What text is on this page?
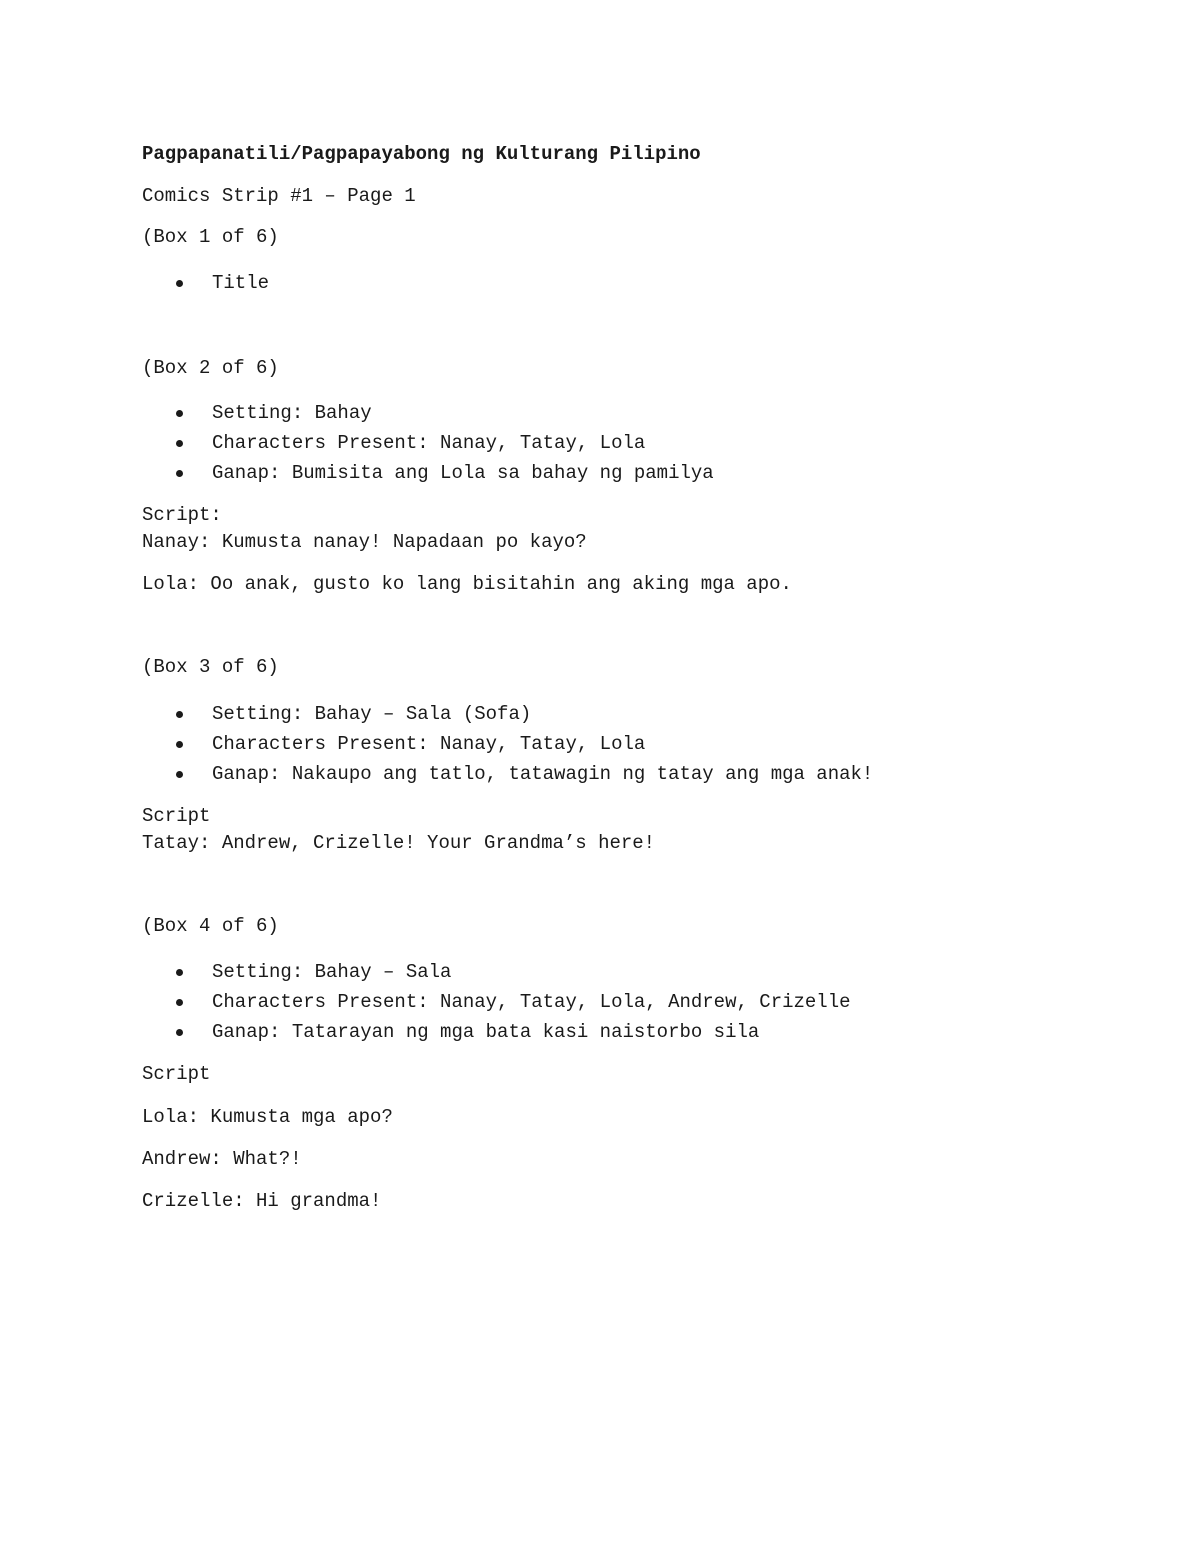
Pagpapanatili/Pagpapayabong ng Kulturang Pilipino
Comics Strip #1 – Page 1
(Box 1 of 6)
Title
(Box 2 of 6)
Setting: Bahay
Characters Present: Nanay, Tatay, Lola
Ganap: Bumisita ang Lola sa bahay ng pamilya
Script:
Nanay: Kumusta nanay! Napadaan po kayo?
Lola: Oo anak, gusto ko lang bisitahin ang aking mga apo.
(Box 3 of 6)
Setting: Bahay – Sala (Sofa)
Characters Present: Nanay, Tatay, Lola
Ganap: Nakaupo ang tatlo, tatawagin ng tatay ang mga anak!
Script
Tatay: Andrew, Crizelle! Your Grandma’s here!
(Box 4 of 6)
Setting: Bahay – Sala
Characters Present: Nanay, Tatay, Lola, Andrew, Crizelle
Ganap: Tatarayan ng mga bata kasi naistorbo sila
Script
Lola: Kumusta mga apo?
Andrew: What?!
Crizelle: Hi grandma!
